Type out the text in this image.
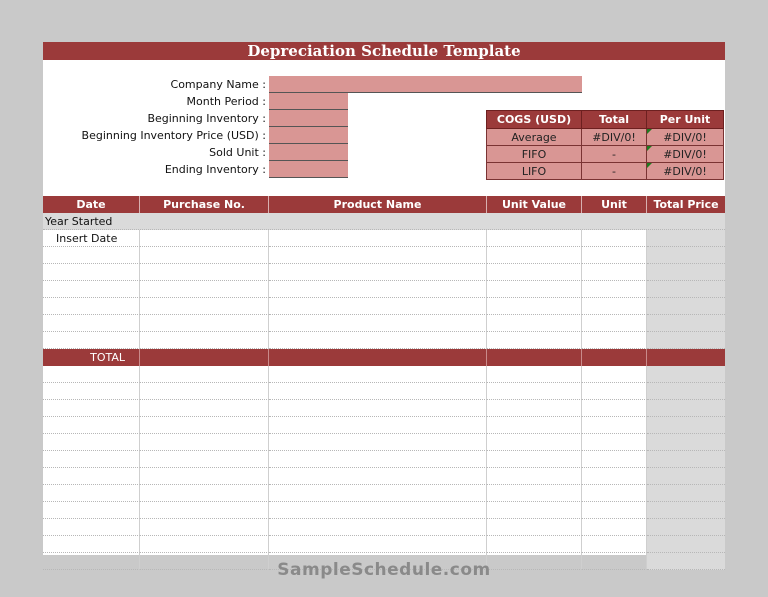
Depreciation Schedule Template
Company Name :
Month Period :
Beginning Inventory :
Beginning Inventory Price (USD) :
Sold Unit :
Ending Inventory :
COGS (USD)	Total	Per Unit
Average	#DIV/0!	#DIV/0!
FIFO	-	#DIV/0!
LIFO	-	#DIV/0!
Date	Purchase No.	Product Name	Unit Value	Unit	Total Price
Year Started
Insert Date
TOTAL
SampleSchedule.com
